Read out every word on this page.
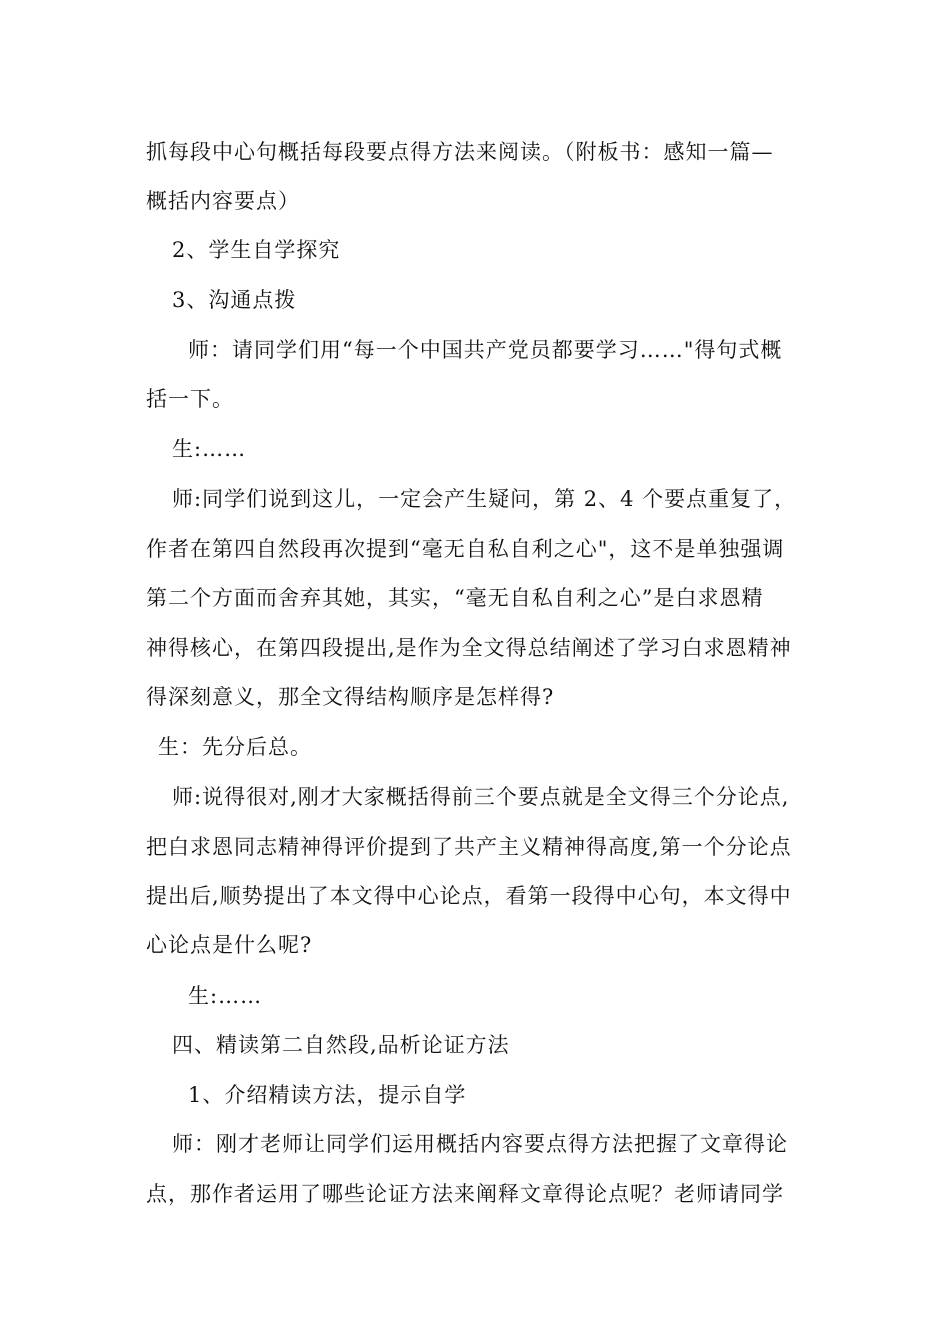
抓每段中心句概括每段要点得方法来阅读。（附板书：感知一篇—
概括内容要点）
2、学生自学探究
3、沟通点拨
师：请同学们用“每一个中国共产党员都要学习……"得句式概
括一下。
生:……
师:同学们说到这儿，一定会产生疑问，第 2、4 个要点重复了，
作者在第四自然段再次提到“毫无自私自利之心"，这不是单独强调
第二个方面而舍弃其她，其实，“毫无自私自利之心”是白求恩精
神得核心，在第四段提出,是作为全文得总结阐述了学习白求恩精神
得深刻意义，那全文得结构顺序是怎样得?
生：先分后总。
师:说得很对,刚才大家概括得前三个要点就是全文得三个分论点,
把白求恩同志精神得评价提到了共产主义精神得高度,第一个分论点
提出后,顺势提出了本文得中心论点，看第一段得中心句，本文得中
心论点是什么呢?
生:……
四、精读第二自然段,品析论证方法
1、介绍精读方法，提示自学
师：刚才老师让同学们运用概括内容要点得方法把握了文章得论
点，那作者运用了哪些论证方法来阐释文章得论点呢？老师请同学
